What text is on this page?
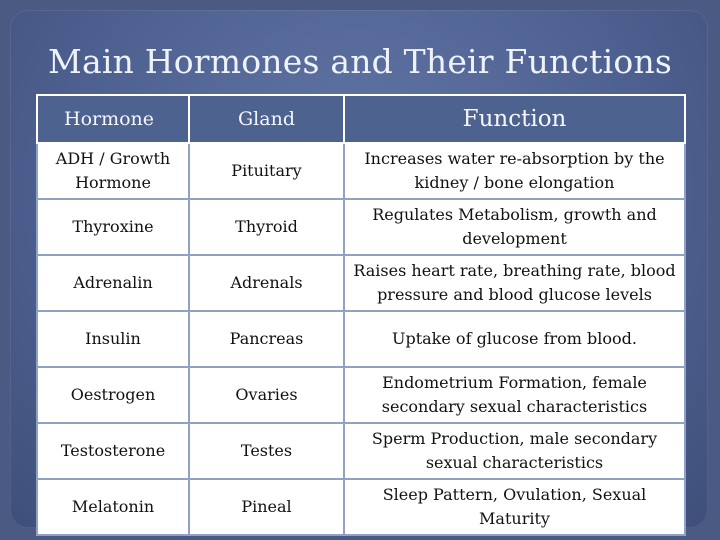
Main Hormones and Their Functions
Hormone	Gland	Function
ADH / Growth Hormone	Pituitary	Increases water re-absorption by the kidney / bone elongation
Thyroxine	Thyroid	Regulates Metabolism, growth and development
Adrenalin	Adrenals	Raises heart rate, breathing rate, blood pressure and blood glucose levels
Insulin	Pancreas	Uptake of glucose from blood.
Oestrogen	Ovaries	Endometrium Formation, female secondary sexual characteristics
Testosterone	Testes	Sperm Production, male secondary sexual characteristics
Melatonin	Pineal	Sleep Pattern, Ovulation, Sexual Maturity
